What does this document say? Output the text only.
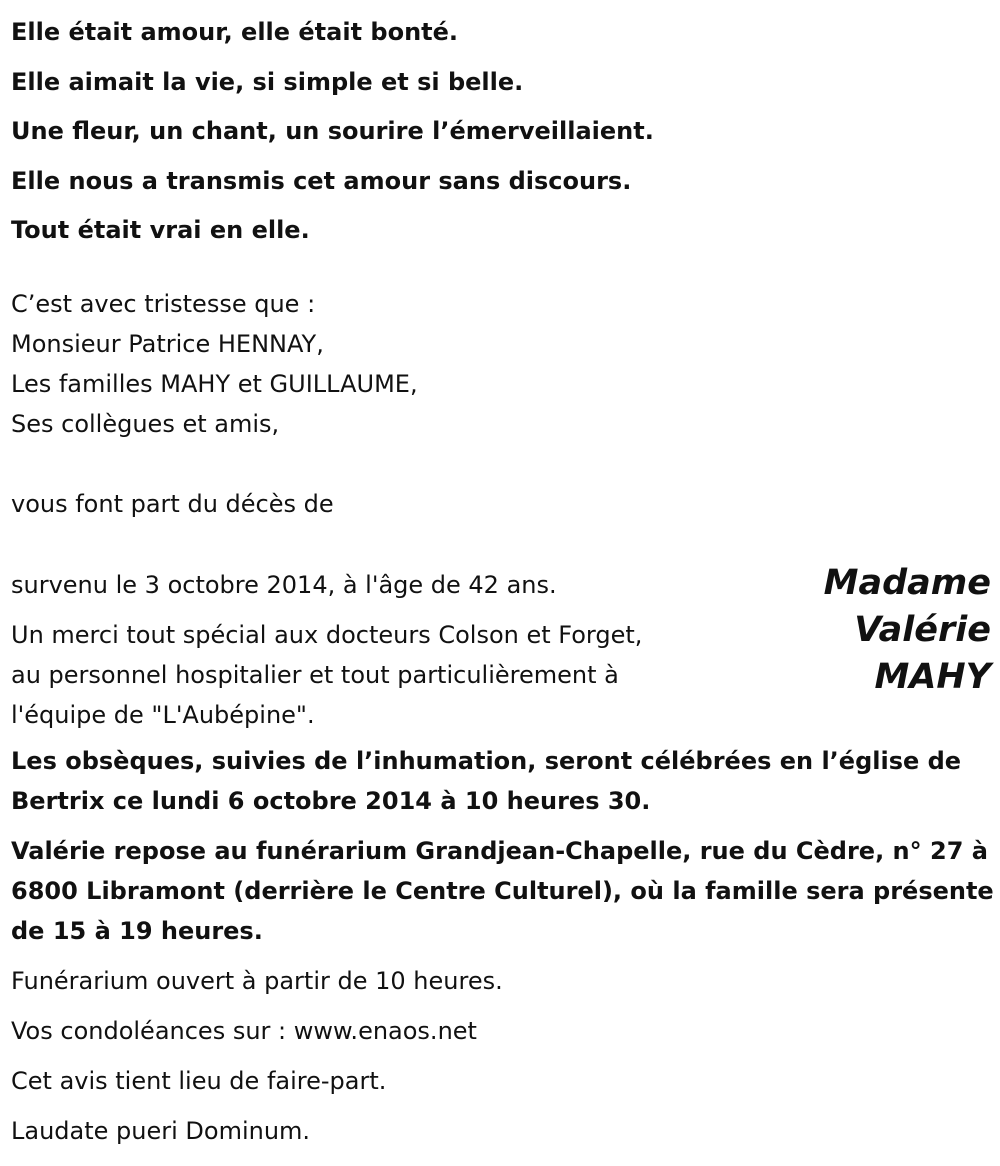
Elle était amour, elle était bonté.
Elle aimait la vie, si simple et si belle.
Une fleur, un chant, un sourire l’émerveillaient.
Elle nous a transmis cet amour sans discours.
Tout était vrai en elle.
C’est avec tristesse que :
Monsieur Patrice HENNAY,
Les familles MAHY et GUILLAUME,
Ses collègues et amis,
vous font part du décès de
survenu le 3 octobre 2014, à l'âge de 42 ans.
Un merci tout spécial aux docteurs Colson et Forget,
au personnel hospitalier et tout particulièrement à
l'équipe de "L'Aubépine".
Madame
Valérie
MAHY
Les obsèques, suivies de l’inhumation, seront célébrées en l’église de Bertrix ce lundi 6 octobre 2014 à 10 heures 30.
Valérie repose au funérarium Grandjean-Chapelle, rue du Cèdre, n° 27 à 6800 Libramont (derrière le Centre Culturel), où la famille sera présente de 15 à 19 heures.
Funérarium ouvert à partir de 10 heures.
Vos condoléances sur : www.enaos.net
Cet avis tient lieu de faire-part.
Laudate pueri Dominum.
